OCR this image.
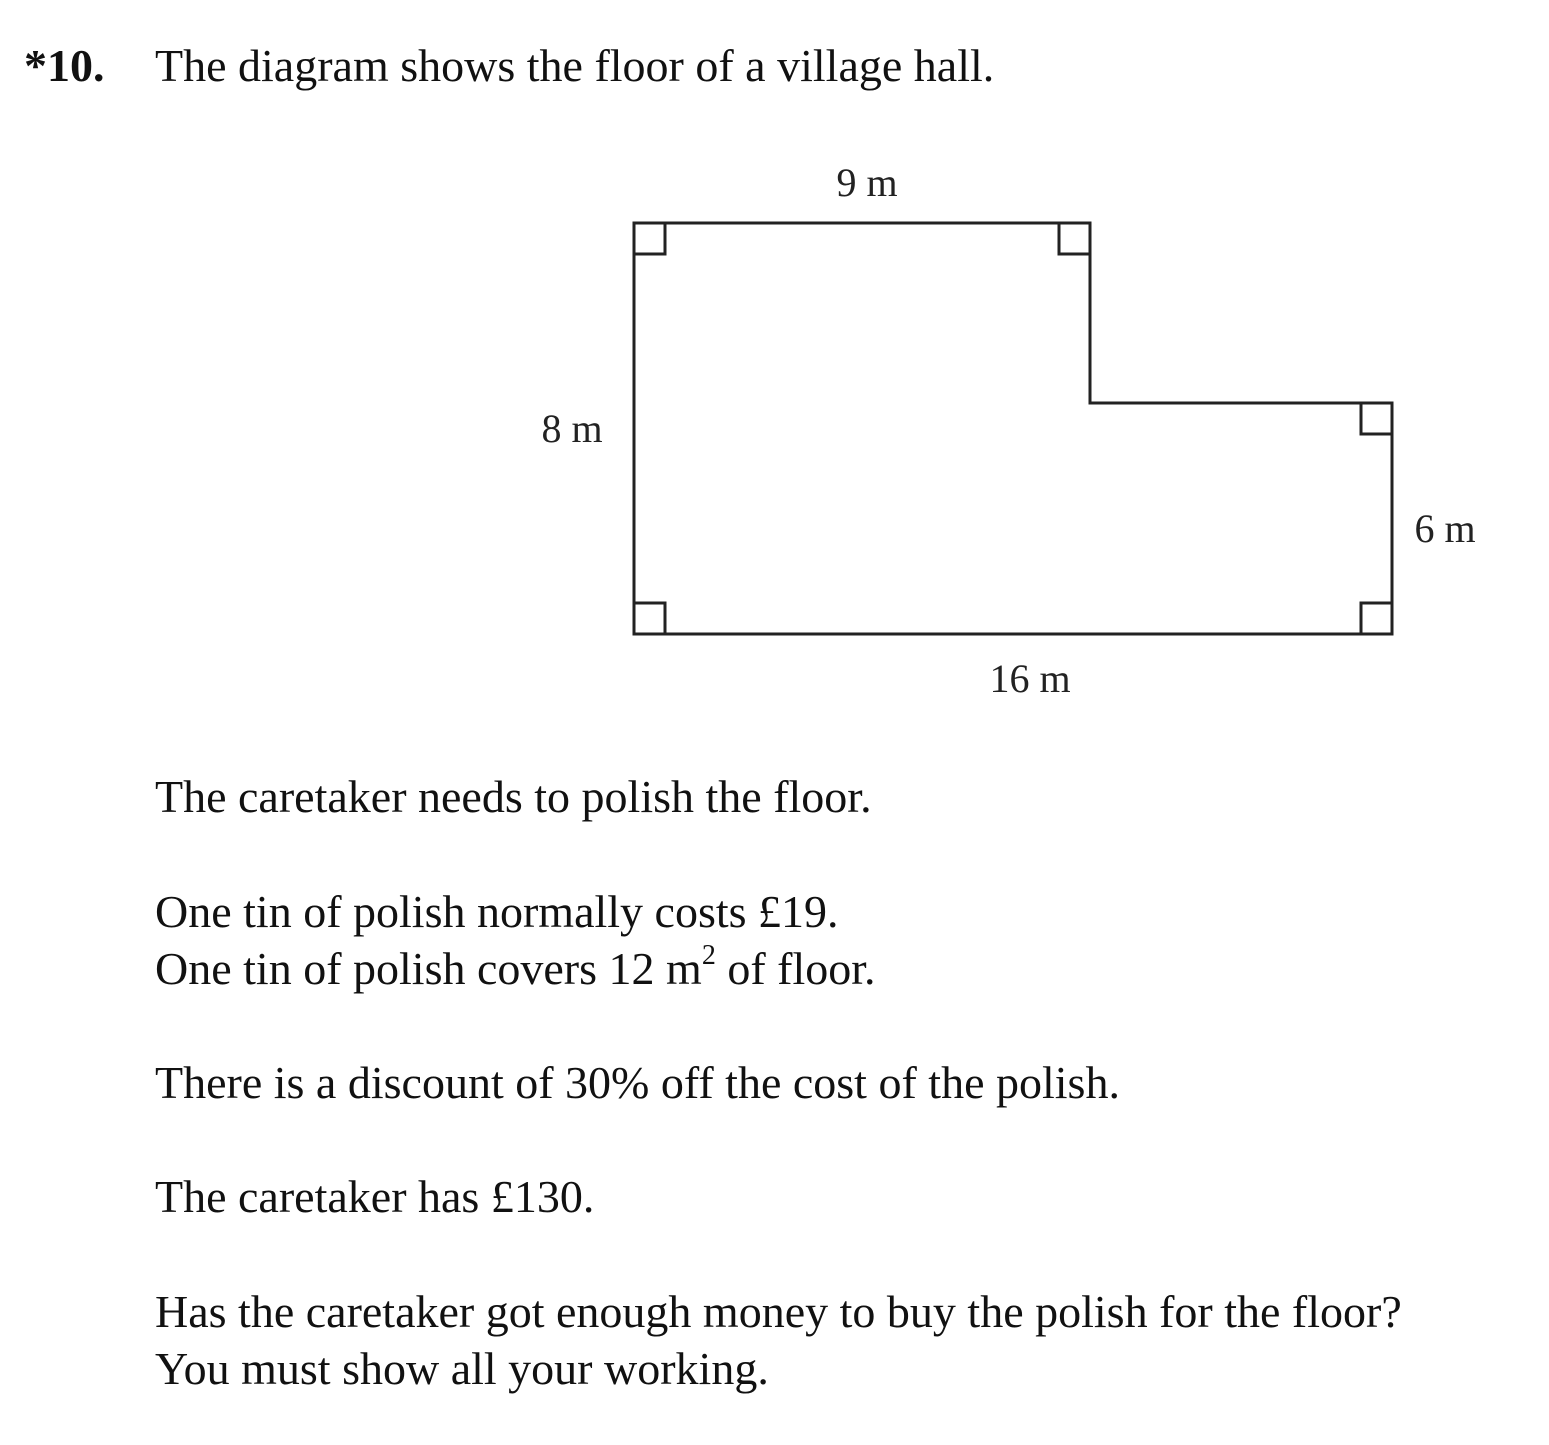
*10. The diagram shows the floor of a village hall.
9 m
8 m
6 m
16 m

The caretaker needs to polish the floor.

One tin of polish normally costs £19.

One tin of polish covers 12 $m^2$ of floor.

There is a discount of 30% off the cost of the polish.

The caretaker has £130.

Has the caretaker got enough money to buy the polish for the floor?

You must show all your working.
